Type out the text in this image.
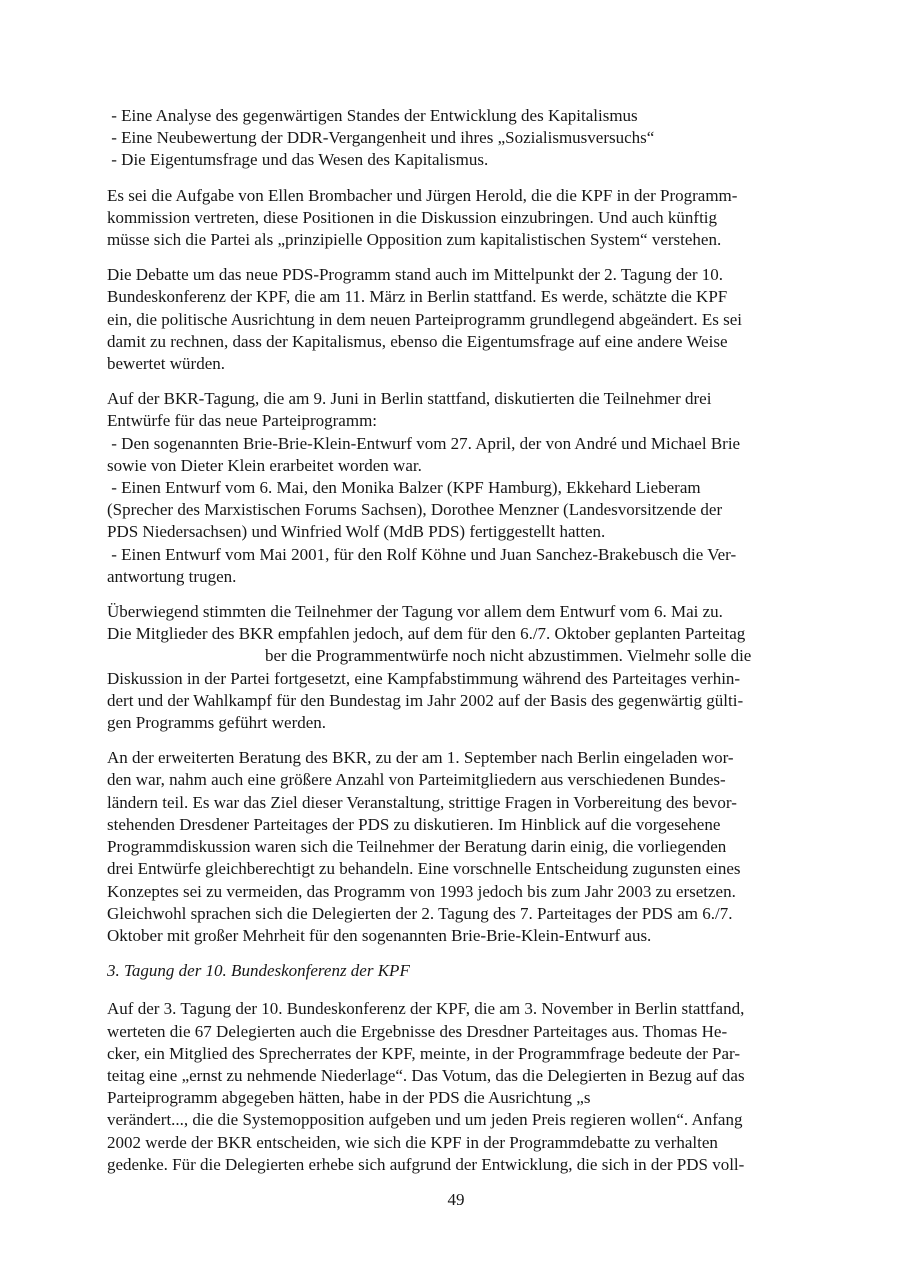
- Eine Analyse des gegenwärtigen Standes der Entwicklung des Kapitalismus
- Eine Neubewertung der DDR-Vergangenheit und ihres „Sozialismusversuchs“
- Die Eigentumsfrage und das Wesen des Kapitalismus.
Es sei die Aufgabe von Ellen Brombacher und Jürgen Herold, die die KPF in der Programm-
kommission vertreten, diese Positionen in die Diskussion einzubringen. Und auch künftig
müsse sich die Partei als „prinzipielle Opposition zum kapitalistischen System“ verstehen.
Die Debatte um das neue PDS-Programm stand auch im Mittelpunkt der 2. Tagung der 10.
Bundeskonferenz der KPF, die am 11. März in Berlin stattfand. Es werde, schätzte die KPF
ein, die politische Ausrichtung in dem neuen Parteiprogramm grundlegend abgeändert. Es sei
damit zu rechnen, dass der Kapitalismus, ebenso die Eigentumsfrage auf eine andere Weise
bewertet würden.
Auf der BKR-Tagung, die am 9. Juni in Berlin stattfand, diskutierten die Teilnehmer drei
Entwürfe für das neue Parteiprogramm:
- Den sogenannten Brie-Brie-Klein-Entwurf vom 27. April, der von André und Michael Brie
sowie von Dieter Klein erarbeitet worden war.
- Einen Entwurf vom 6. Mai, den Monika Balzer (KPF Hamburg), Ekkehard Lieberam
(Sprecher des Marxistischen Forums Sachsen), Dorothee Menzner (Landesvorsitzende der
PDS Niedersachsen) und Winfried Wolf (MdB PDS) fertiggestellt hatten.
- Einen Entwurf vom Mai 2001, für den Rolf Köhne und Juan Sanchez-Brakebusch die Ver-
antwortung trugen.
Überwiegend stimmten die Teilnehmer der Tagung vor allem dem Entwurf vom 6. Mai zu.
Die Mitglieder des BKR empfahlen jedoch, auf dem für den 6./7. Oktober geplanten Parteitag
ber die Programmentwürfe noch nicht abzustimmen. Vielmehr solle die
Diskussion in der Partei fortgesetzt, eine Kampfabstimmung während des Parteitages verhin-
dert und der Wahlkampf für den Bundestag im Jahr 2002 auf der Basis des gegenwärtig gülti-
gen Programms geführt werden.
An der erweiterten Beratung des BKR, zu der am 1. September nach Berlin eingeladen wor-
den war, nahm auch eine größere Anzahl von Parteimitgliedern aus verschiedenen Bundes-
ländern teil. Es war das Ziel dieser Veranstaltung, strittige Fragen in Vorbereitung des bevor-
stehenden Dresdener Parteitages der PDS zu diskutieren. Im Hinblick auf die vorgesehene
Programmdiskussion waren sich die Teilnehmer der Beratung darin einig, die vorliegenden
drei Entwürfe gleichberechtigt zu behandeln. Eine vorschnelle Entscheidung zugunsten eines
Konzeptes sei zu vermeiden, das Programm von 1993 jedoch bis zum Jahr 2003 zu ersetzen.
Gleichwohl sprachen sich die Delegierten der 2. Tagung des 7. Parteitages der PDS am 6./7.
Oktober mit großer Mehrheit für den sogenannten Brie-Brie-Klein-Entwurf aus.
3. Tagung der 10. Bundeskonferenz der KPF
Auf der 3. Tagung der 10. Bundeskonferenz der KPF, die am 3. November in Berlin stattfand,
werteten die 67 Delegierten auch die Ergebnisse des Dresdner Parteitages aus. Thomas He-
cker, ein Mitglied des Sprecherrates der KPF, meinte, in der Programmfrage bedeute der Par-
teitag eine „ernst zu nehmende Niederlage“. Das Votum, das die Delegierten in Bezug auf das
Parteiprogramm abgegeben hätten, habe in der PDS die Ausrichtung „s
verändert..., die die Systemopposition aufgeben und um jeden Preis regieren wollen“. Anfang
2002 werde der BKR entscheiden, wie sich die KPF in der Programmdebatte zu verhalten
gedenke. Für die Delegierten erhebe sich aufgrund der Entwicklung, die sich in der PDS voll-
49
